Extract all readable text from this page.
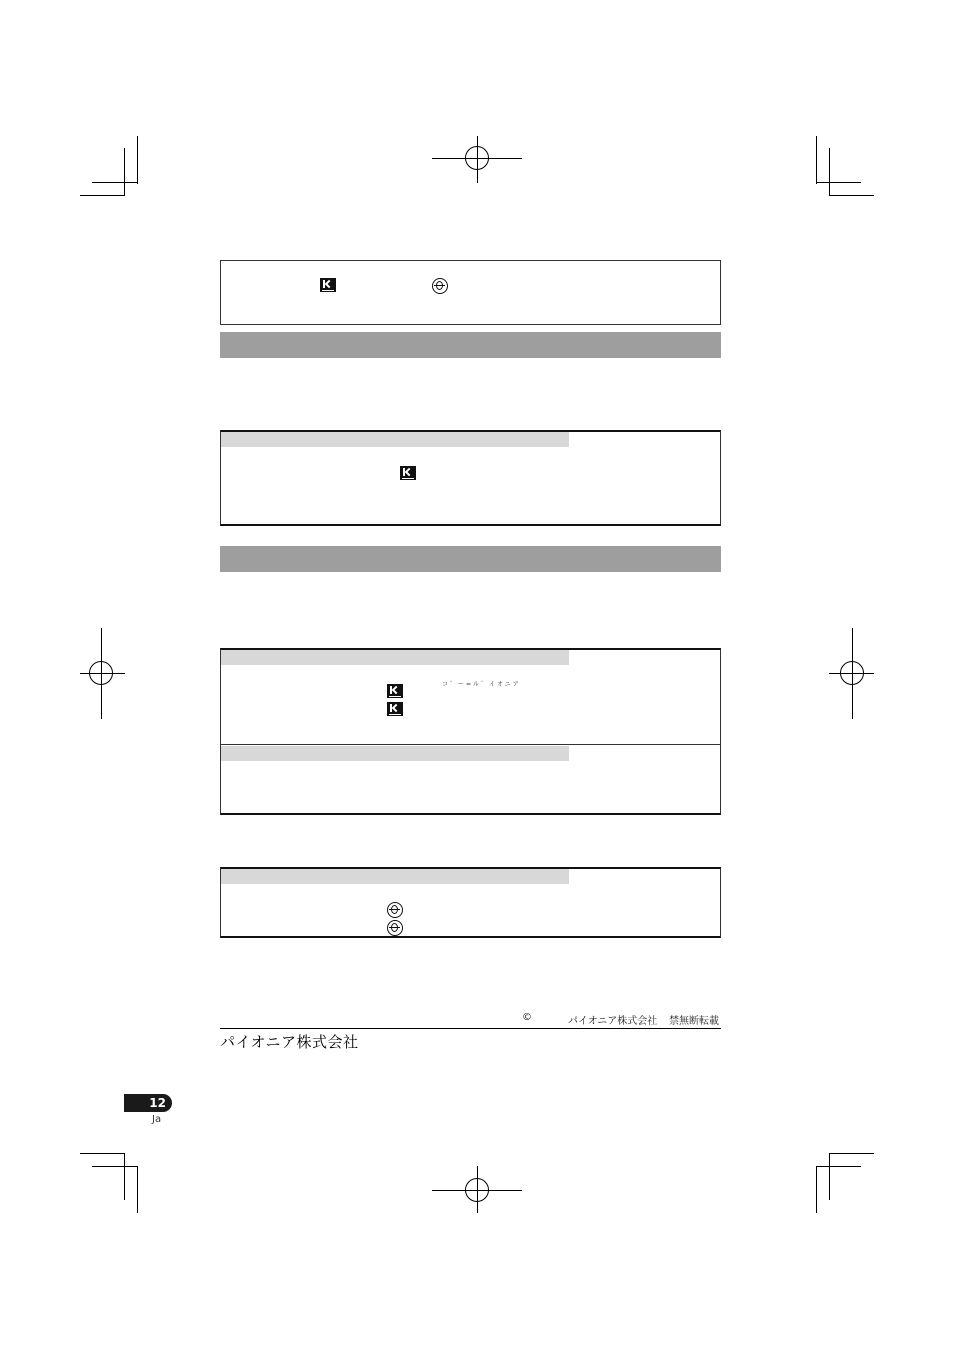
コ゛ー=ル゛イオニア
©	パイオニア株式会社 禁無断転載
パイオニア株式会社
12
Ja
